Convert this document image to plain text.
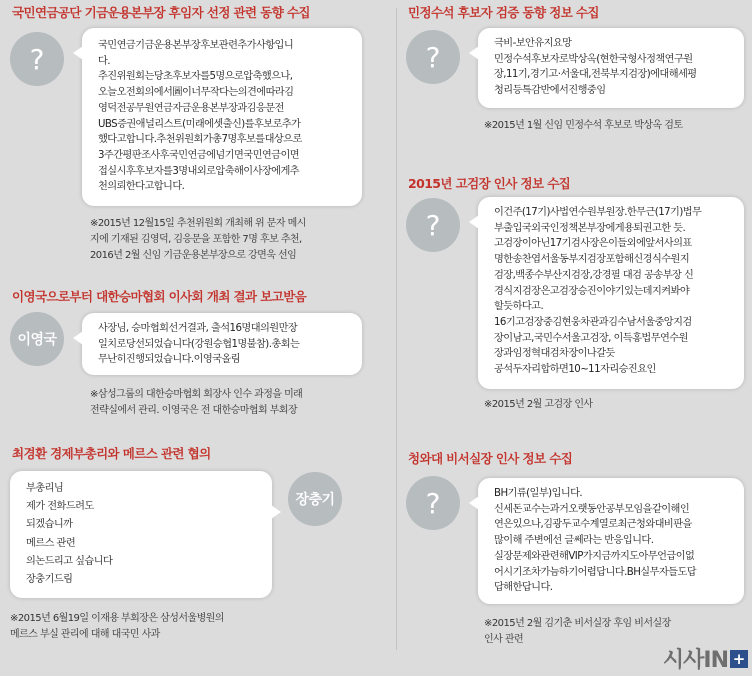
국민연금공단 기금운용본부장 후임자 선정 관련 동향 수집
?	국민연금기금운용본부장후보관련추가사항입니
다.
추진위원회는당초후보자를5명으로압축했으나,
오늘오전회의에서圖이너무작다는의견에따라김
영덕전공무원연금자금운용본부장과김응문전
UBS증권애널리스트(미래에셋출신)를후보로추가
했다고합니다.추천위원회가총7명후보를대상으로
3주간평판조사후국민연금에넘기면국민연금이면
접실시후후보자를3명내외로압축해이사장에게추
천의뢰한다고합니다.
※2015년 12월15일 추천위원회 개최해 위 문자 메시
지에 기재된 김영덕, 김응문을 포함한 7명 후보 추천,
2016년 2월 신임 기금운용본부장으로 강면욱 선임
이영국으로부터 대한승마협회 이사회 개최 결과 보고받음
이영국
사장님, 승마협회선거결과, 출석16명대의원만장
일치로당선되었습니다(강원승협1명불참).총회는
무난히진행되었습니다.이영국올림
※삼성그룹의 대한승마협회 회장사 인수 과정을 미래
전략실에서 관리. 이영국은 전 대한승마협회 부회장
최경환 경제부총리와 메르스 관련 협의
부총리님
제가 전화드려도
되겠습니까
메르스 관련
의논드리고 싶습니다
장충기드림
장충기
※2015년 6월19일 이재용 부회장은 삼성서울병원의
메르스 부실 관리에 대해 대국민 사과
민정수석 후보자 검증 동향 정보 수집
?	극비-보안유지요망
민정수석후보자로박상옥(현한국형사정책연구원
장,11기,경기고·서울대,전북부지검장)에대해세평
청리등특감반에서진행중임
※2015년 1월 신임 민정수석 후보로 박상옥 검토
2015년 고검장 인사 정보 수집
?	이건주(17기)사법연수원부원장.한무근(17기)법무
부출입국외국인정책본부장에게용퇴권고한 듯.
고검장이아닌17기검사장은이들외에앞서사의표
명한송찬엽서울동부지검장포함해신경식수원지
검장,백종수부산지검장,강경필 대검 공송부장 신
경식지검장은고검장승진이야기있는데지켜봐야
할듯하다고.
16기고검장중김현웅차관과김수남서울중앙지검
장이남고,국민수서울고검장, 이득홍법무연수원
장과임정혁대검차장이나갈듯
공석두자리합하면10~11자리승진요인
※2015년 2월 고검장 인사
청와대 비서실장 인사 정보 수집
?	BH기류(일부)입니다.
신세돈교수는과거오랫동안공부모임을같이해인
연은있으나,김광두교수계열로최근청와대비판을
많이해 주변에선 글쎄라는 반응입니다.
실장문제와관련해VIP가지금까지도아무언급이없
어시기조차가늠하기어렵답니다.BH실무자들도답
답해한답니다.
※2015년 2월 김기춘 비서실장 후임 비서실장
인사 관련
시사IN +
